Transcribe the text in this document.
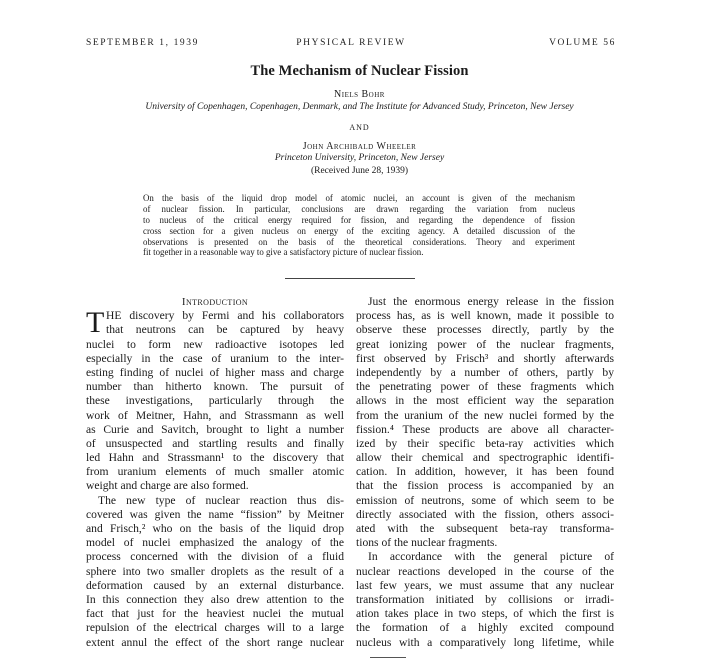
SEPTEMBER 1, 1939	PHYSICAL REVIEW	VOLUME 56
The Mechanism of Nuclear Fission
Niels Bohr
University of Copenhagen, Copenhagen, Denmark, and The Institute for Advanced Study, Princeton, New Jersey
AND
John Archibald Wheeler
Princeton University, Princeton, New Jersey
(Received June 28, 1939)
On the basis of the liquid drop model of atomic nuclei, an account is given of the mechanism
of nuclear fission. In particular, conclusions are drawn regarding the variation from nucleus
to nucleus of the critical energy required for fission, and regarding the dependence of fission
cross section for a given nucleus on energy of the exciting agency. A detailed discussion of the
observations is presented on the basis of the theoretical considerations. Theory and experiment
fit together in a reasonable way to give a satisfactory picture of nuclear fission.
Introduction
T HE discovery by Fermi and his collaborators
that neutrons can be captured by heavy
nuclei to form new radioactive isotopes led
especially in the case of uranium to the inter-
esting finding of nuclei of higher mass and charge
number than hitherto known. The pursuit of
these investigations, particularly through the
work of Meitner, Hahn, and Strassmann as well
as Curie and Savitch, brought to light a number
of unsuspected and startling results and finally
led Hahn and Strassmann¹ to the discovery that
from uranium elements of much smaller atomic
weight and charge are also formed.
The new type of nuclear reaction thus dis-
covered was given the name “fission” by Meitner
and Frisch,² who on the basis of the liquid drop
model of nuclei emphasized the analogy of the
process concerned with the division of a fluid
sphere into two smaller droplets as the result of a
deformation caused by an external disturbance.
In this connection they also drew attention to the
fact that just for the heaviest nuclei the mutual
repulsion of the electrical charges will to a large
extent annul the effect of the short range nuclear
Just the enormous energy release in the fission
process has, as is well known, made it possible to
observe these processes directly, partly by the
great ionizing power of the nuclear fragments,
first observed by Frisch³ and shortly afterwards
independently by a number of others, partly by
the penetrating power of these fragments which
allows in the most efficient way the separation
from the uranium of the new nuclei formed by the
fission.⁴ These products are above all character-
ized by their specific beta-ray activities which
allow their chemical and spectrographic identifi-
cation. In addition, however, it has been found
that the fission process is accompanied by an
emission of neutrons, some of which seem to be
directly associated with the fission, others associ-
ated with the subsequent beta-ray transforma-
tions of the nuclear fragments.
In accordance with the general picture of
nuclear reactions developed in the course of the
last few years, we must assume that any nuclear
transformation initiated by collisions or irradi-
ation takes place in two steps, of which the first is
the formation of a highly excited compound
nucleus with a comparatively long lifetime, while
